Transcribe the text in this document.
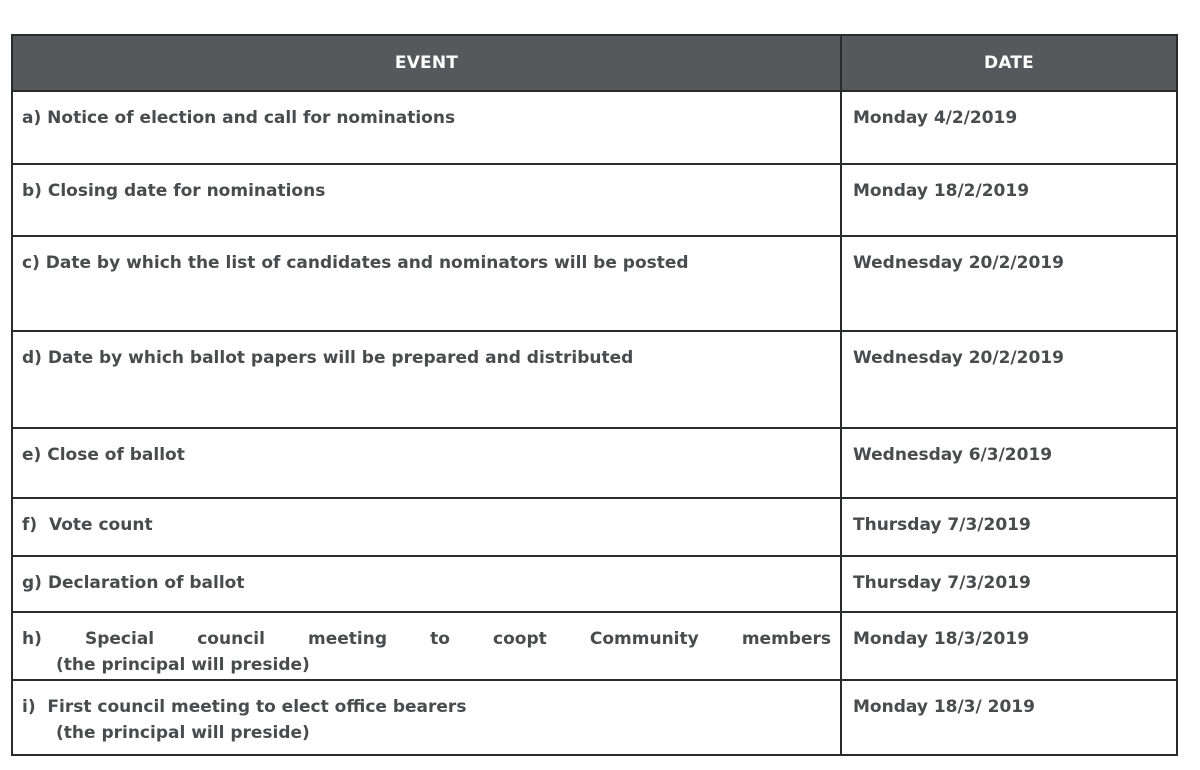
EVENT	DATE

a) Notice of election and call for nominations	Monday 4/2/2019

b) Closing date for nominations	Monday 18/2/2019

c) Date by which the list of candidates and nominators will be posted	Wednesday 20/2/2019

d) Date by which ballot papers will be prepared and distributed	Wednesday 20/2/2019

e) Close of ballot	Wednesday 6/3/2019

f)  Vote count	Thursday 7/3/2019

g) Declaration of ballot	Thursday 7/3/2019

h) Special council meeting to coopt Community members
(the principal will preside)	Monday 18/3/2019

i)  First council meeting to elect office bearers
(the principal will preside)	Monday 18/3/ 2019
